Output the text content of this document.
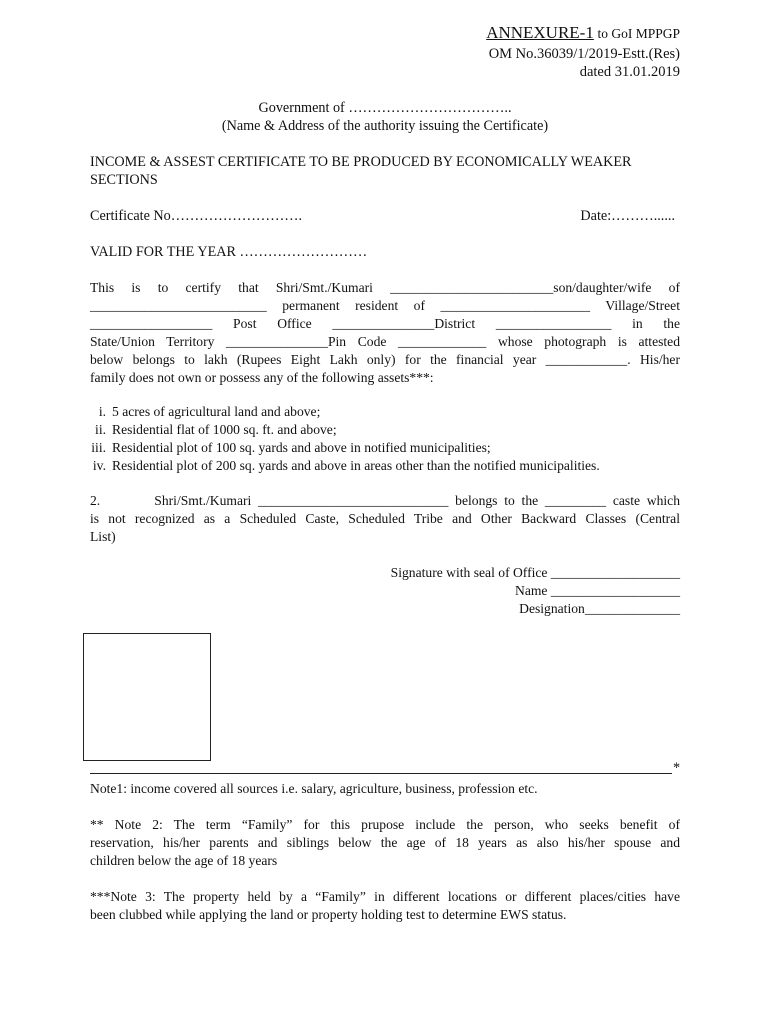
ANNEXURE-1 to GoI MPPGP
OM No.36039/1/2019-Estt.(Res)
dated 31.01.2019
Government of ……………………………..
(Name & Address of the authority issuing the Certificate)
INCOME & ASSEST CERTIFICATE TO BE PRODUCED BY ECONOMICALLY WEAKER
SECTIONS
Certificate No……………………….	Date:………......
VALID FOR THE YEAR ………………………
This is to certify that Shri/Smt./Kumari ________________________son/daughter/wife of
__________________________ permanent resident of ______________________ Village/Street
__________________ Post Office _______________District _________________ in the
State/Union Territory _______________Pin Code _____________ whose photograph is attested
below belongs to lakh (Rupees Eight Lakh only) for the financial year ____________. His/her
family does not own or possess any of the following assets***:
i. 5 acres of agricultural land and above;
ii. Residential flat of 1000 sq. ft. and above;
iii. Residential plot of 100 sq. yards and above in notified municipalities;
iv. Residential plot of 200 sq. yards and above in areas other than the notified municipalities.
2.        Shri/Smt./Kumari ____________________________ belongs to the _________ caste which
is not recognized as a Scheduled Caste, Scheduled Tribe and Other Backward Classes (Central
List)
Signature with seal of Office ___________________
Name ___________________
Designation______________
*
Note1: income covered all sources i.e. salary, agriculture, business, profession etc.
** Note 2: The term “Family” for this prupose include the person, who seeks benefit of
reservation, his/her parents and siblings below the age of 18 years as also his/her spouse and
children below the age of 18 years
***Note 3: The property held by a “Family” in different locations or different places/cities have
been clubbed while applying the land or property holding test to determine EWS status.
